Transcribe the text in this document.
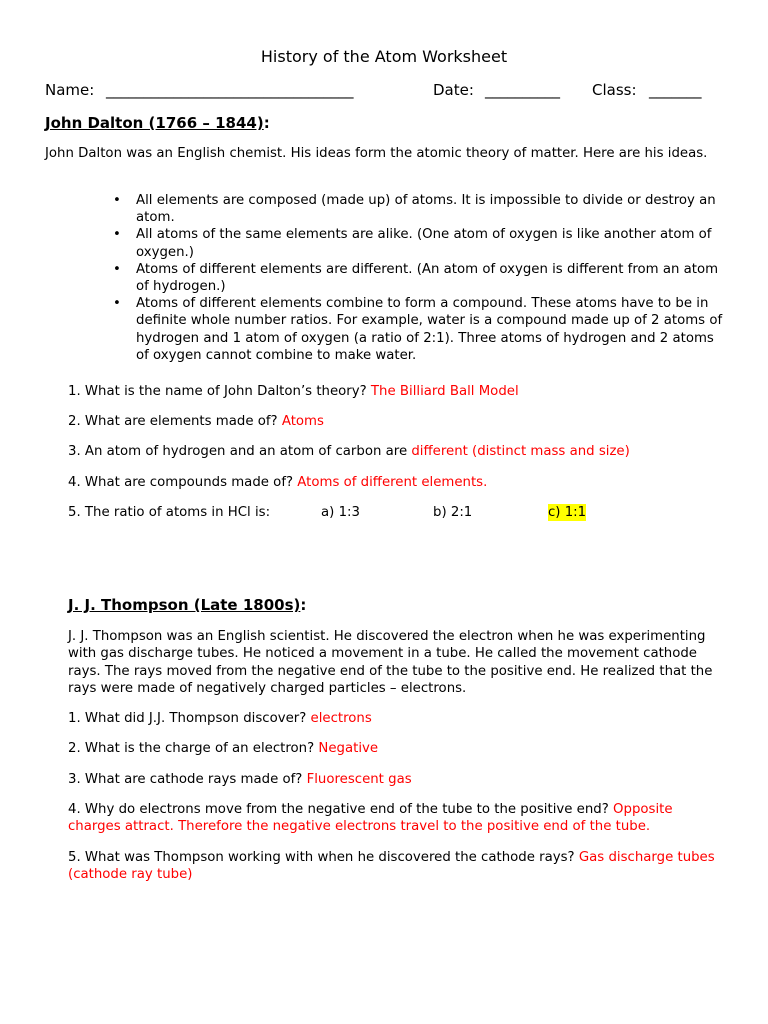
History of the Atom Worksheet
Name: _________________________________	Date: __________ Class: _______
John Dalton (1766 – 1844):
John Dalton was an English chemist. His ideas form the atomic theory of matter. Here are his ideas.
• All elements are composed (made up) of atoms. It is impossible to divide or destroy an atom.
• All atoms of the same elements are alike. (One atom of oxygen is like another atom of oxygen.)
• Atoms of different elements are different. (An atom of oxygen is different from an atom of hydrogen.)
• Atoms of different elements combine to form a compound. These atoms have to be in definite whole number ratios. For example, water is a compound made up of 2 atoms of hydrogen and 1 atom of oxygen (a ratio of 2:1). Three atoms of hydrogen and 2 atoms of oxygen cannot combine to make water.
1. What is the name of John Dalton’s theory? The Billiard Ball Model
2. What are elements made of? Atoms
3. An atom of hydrogen and an atom of carbon are different (distinct mass and size)
4. What are compounds made of? Atoms of different elements.
5. The ratio of atoms in HCl is:	a) 1:3	b) 2:1	c) 1:1
J. J. Thompson (Late 1800s):
J. J. Thompson was an English scientist. He discovered the electron when he was experimenting with gas discharge tubes. He noticed a movement in a tube. He called the movement cathode rays. The rays moved from the negative end of the tube to the positive end. He realized that the rays were made of negatively charged particles – electrons.
1. What did J.J. Thompson discover? electrons
2. What is the charge of an electron? Negative
3. What are cathode rays made of? Fluorescent gas
4. Why do electrons move from the negative end of the tube to the positive end? Opposite charges attract. Therefore the negative electrons travel to the positive end of the tube.
5. What was Thompson working with when he discovered the cathode rays? Gas discharge tubes (cathode ray tube)
